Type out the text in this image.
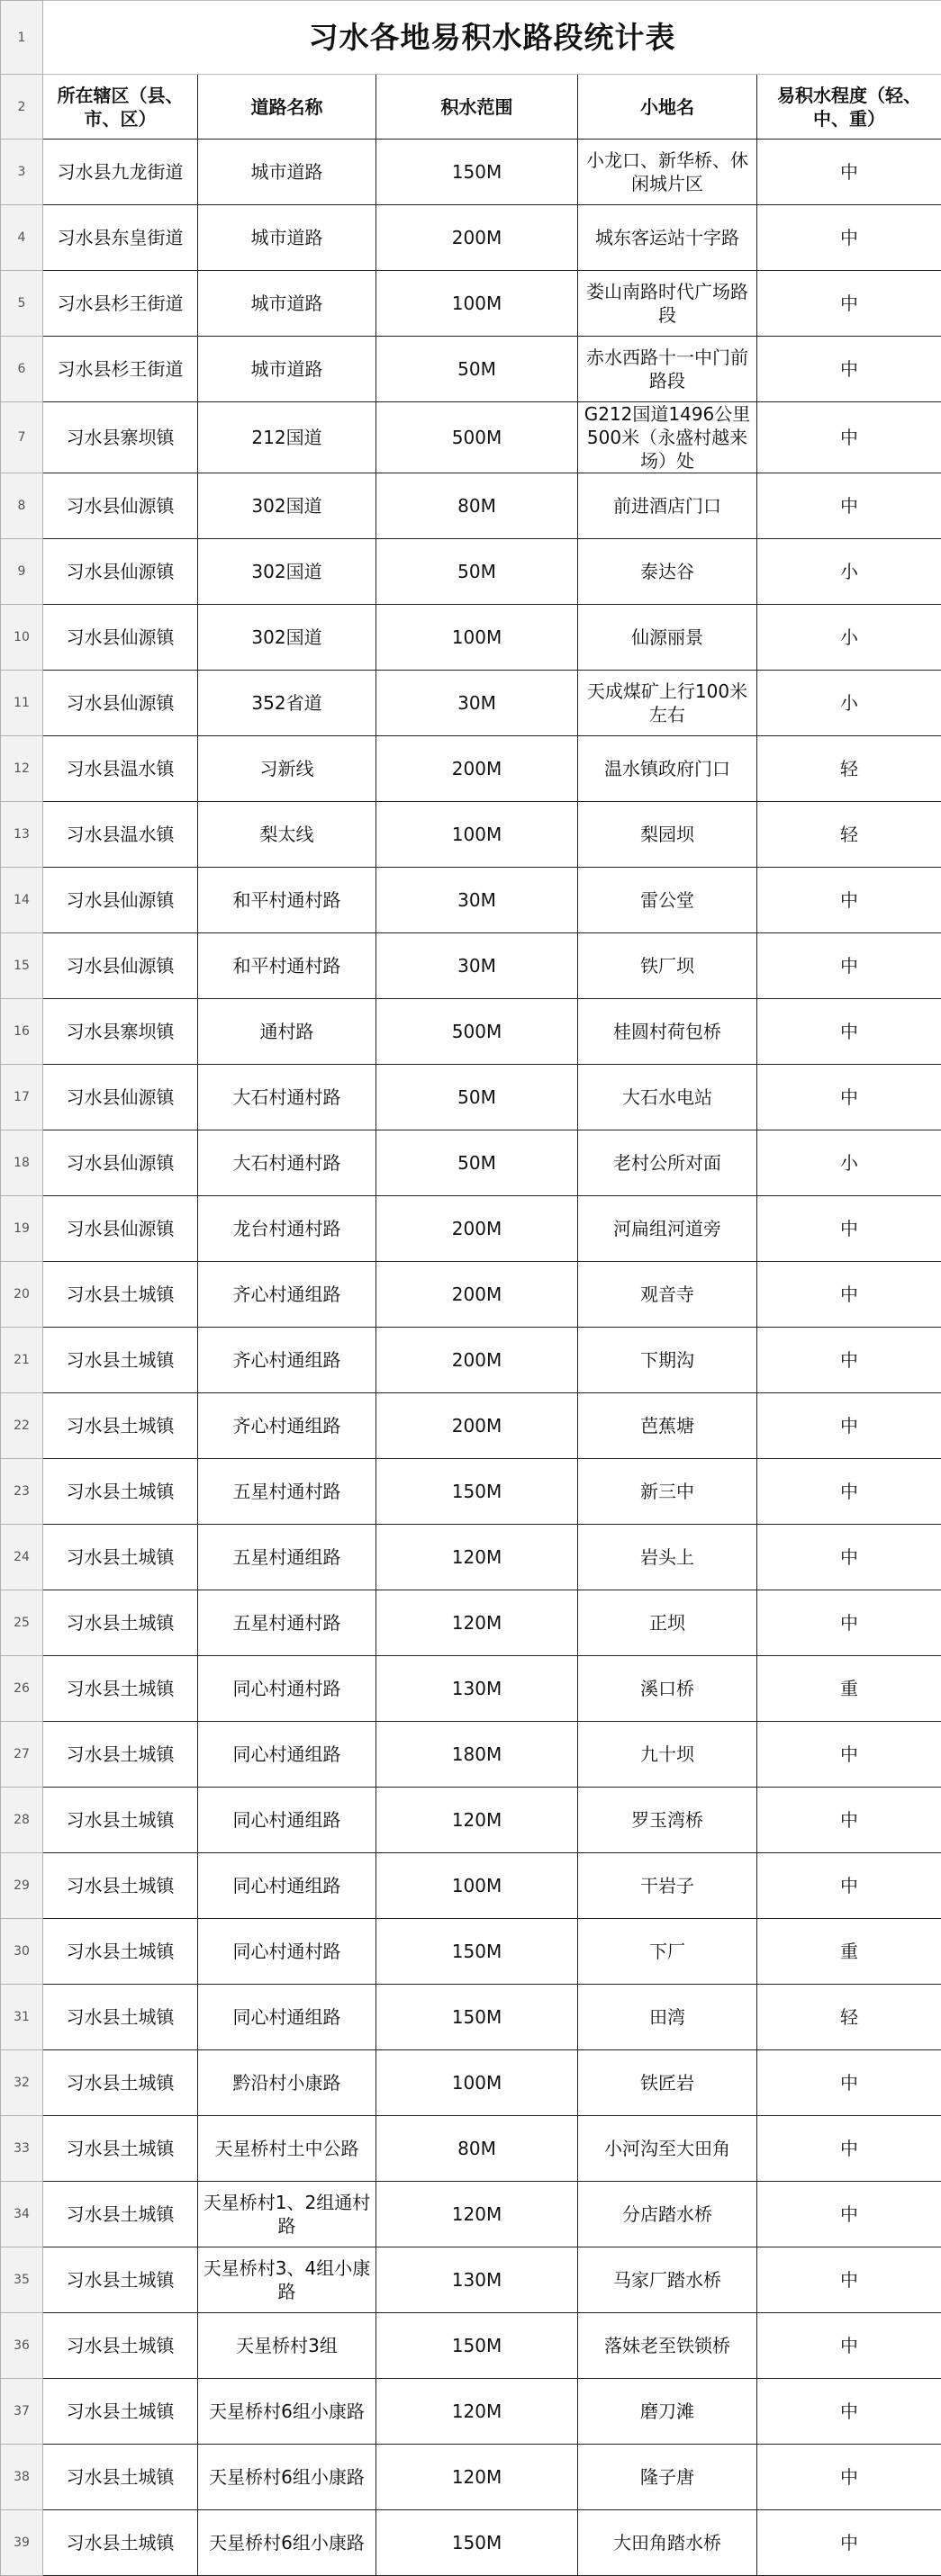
1	习水各地易积水路段统计表				
2	所在辖区（县、市、区）	道路名称	积水范围	小地名	易积水程度（轻、中、重）
3	习水县九龙街道	城市道路	150M	小龙口、新华桥、休闲城片区	中
4	习水县东皇街道	城市道路	200M	城东客运站十字路	中
5	习水县杉王街道	城市道路	100M	娄山南路时代广场路段	中
6	习水县杉王街道	城市道路	50M	赤水西路十一中门前路段	中
7	习水县寨坝镇	212国道	500M	G212国道1496公里500米（永盛村越来场）处	中
8	习水县仙源镇	302国道	80M	前进酒店门口	中
9	习水县仙源镇	302国道	50M	泰达谷	小
10	习水县仙源镇	302国道	100M	仙源丽景	小
11	习水县仙源镇	352省道	30M	天成煤矿上行100米左右	小
12	习水县温水镇	习新线	200M	温水镇政府门口	轻
13	习水县温水镇	梨太线	100M	梨园坝	轻
14	习水县仙源镇	和平村通村路	30M	雷公堂	中
15	习水县仙源镇	和平村通村路	30M	铁厂坝	中
16	习水县寨坝镇	通村路	500M	桂圆村荷包桥	中
17	习水县仙源镇	大石村通村路	50M	大石水电站	中
18	习水县仙源镇	大石村通村路	50M	老村公所对面	小
19	习水县仙源镇	龙台村通村路	200M	河扁组河道旁	中
20	习水县土城镇	齐心村通组路	200M	观音寺	中
21	习水县土城镇	齐心村通组路	200M	下期沟	中
22	习水县土城镇	齐心村通组路	200M	芭蕉塘	中
23	习水县土城镇	五星村通村路	150M	新三中	中
24	习水县土城镇	五星村通组路	120M	岩头上	中
25	习水县土城镇	五星村通村路	120M	正坝	中
26	习水县土城镇	同心村通村路	130M	溪口桥	重
27	习水县土城镇	同心村通组路	180M	九十坝	中
28	习水县土城镇	同心村通组路	120M	罗玉湾桥	中
29	习水县土城镇	同心村通组路	100M	干岩子	中
30	习水县土城镇	同心村通村路	150M	下厂	重
31	习水县土城镇	同心村通组路	150M	田湾	轻
32	习水县土城镇	黔沿村小康路	100M	铁匠岩	中
33	习水县土城镇	天星桥村土中公路	80M	小河沟至大田角	中
34	习水县土城镇	天星桥村1、2组通村路	120M	分店踏水桥	中
35	习水县土城镇	天星桥村3、4组小康路	130M	马家厂踏水桥	中
36	习水县土城镇	天星桥村3组	150M	落妹老至铁锁桥	中
37	习水县土城镇	天星桥村6组小康路	120M	磨刀滩	中
38	习水县土城镇	天星桥村6组小康路	120M	隆子唐	中
39	习水县土城镇	天星桥村6组小康路	150M	大田角踏水桥	中
